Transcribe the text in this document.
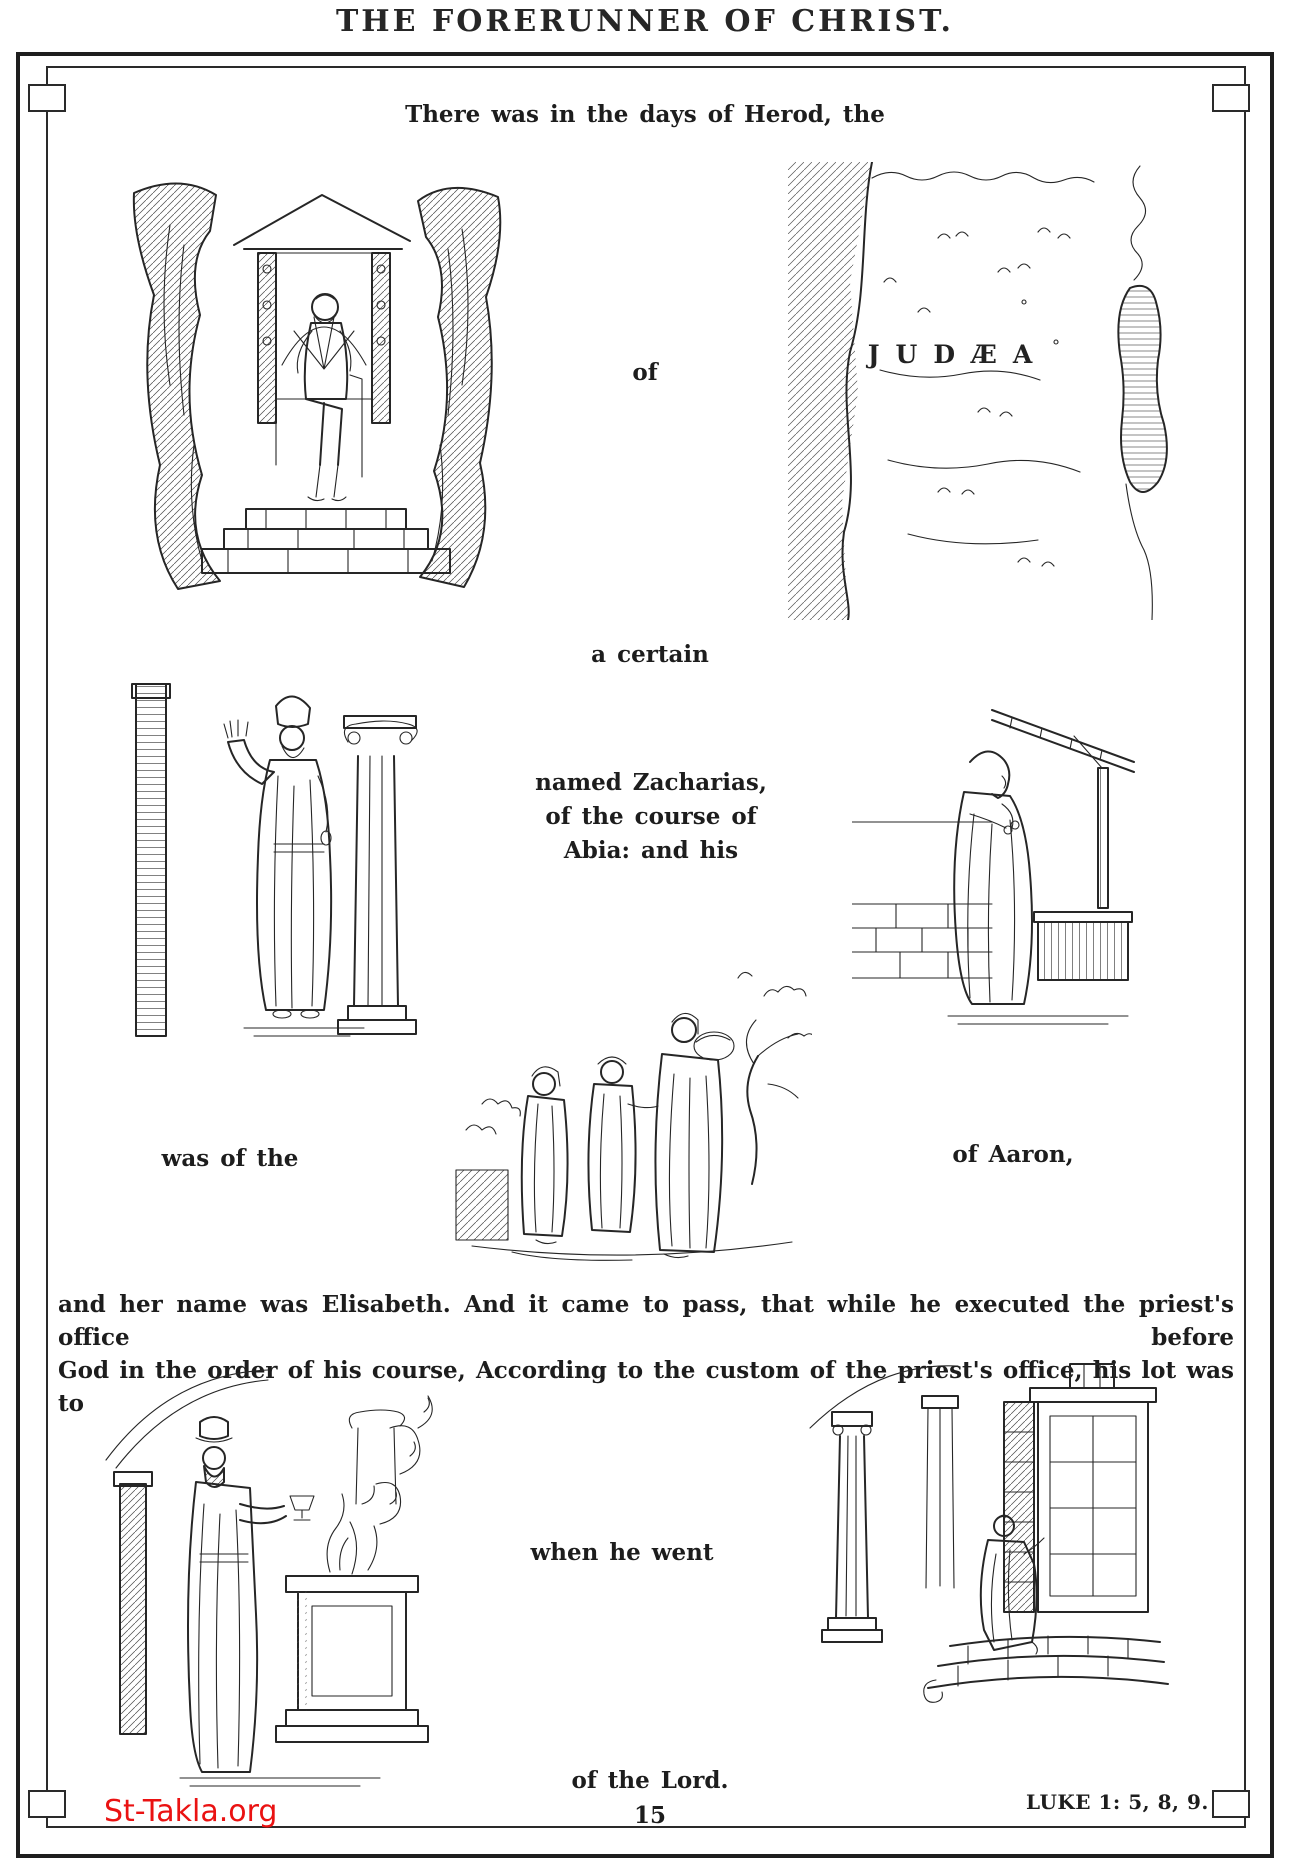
THE FORERUNNER OF CHRIST.
There was in the days of Herod, the
JUDÆA
of
a certain
named Zacharias,
of the course of
Abia: and his
was of the	of Aaron,
and her name was Elisabeth. And it came to pass, that while he executed the priest's office before
God in the order of his course, According to the custom of the priest's office, his lot was to
when he went
of the Lord.
St-Takla.org	15	LUKE 1: 5, 8, 9.
